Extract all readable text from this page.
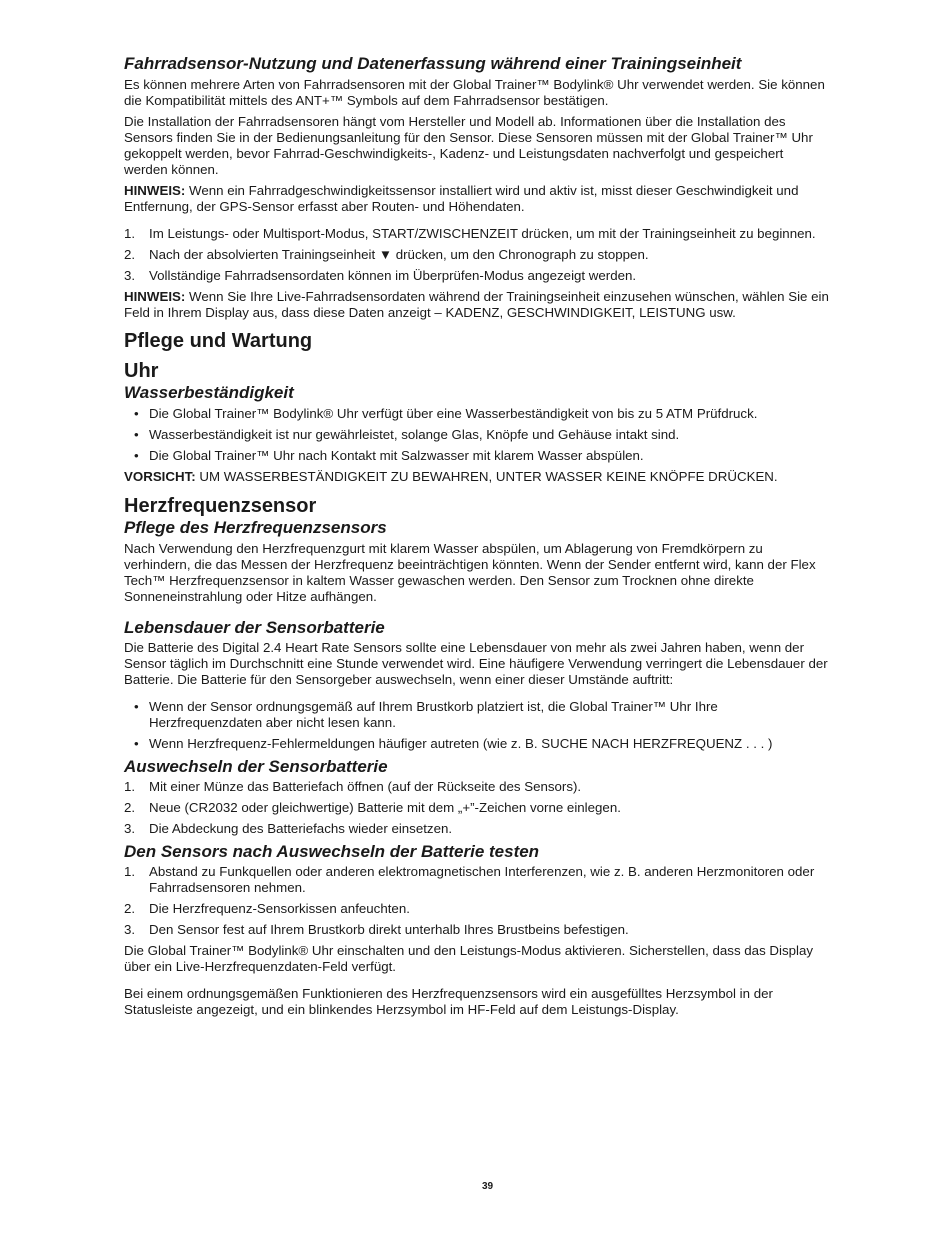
Fahrradsensor-Nutzung und Datenerfassung während einer Trainingseinheit

Es können mehrere Arten von Fahrradsensoren mit der Global Trainer™ Bodylink® Uhr verwendet werden. Sie können die Kompatibilität mittels des ANT+™ Symbols auf dem Fahrradsensor bestätigen.

Die Installation der Fahrradsensoren hängt vom Hersteller und Modell ab. Informationen über die Installation des Sensors finden Sie in der Bedienungsanleitung für den Sensor. Diese Sensoren müssen mit der Global Trainer™ Uhr gekoppelt werden, bevor Fahrrad-Geschwindigkeits-, Kadenz- und Leistungsdaten nachverfolgt und gespeichert werden können.

HINWEIS: Wenn ein Fahrradgeschwindigkeitssensor installiert wird und aktiv ist, misst dieser Geschwindigkeit und Entfernung, der GPS-Sensor erfasst aber Routen- und Höhendaten.

1. Im Leistungs- oder Multisport-Modus, START/ZWISCHENZEIT drücken, um mit der Trainingseinheit zu beginnen.
2. Nach der absolvierten Trainingseinheit ▼ drücken, um den Chronograph zu stoppen.
3. Vollständige Fahrradsensordaten können im Überprüfen-Modus angezeigt werden.

HINWEIS: Wenn Sie Ihre Live-Fahrradsensordaten während der Trainingseinheit einzusehen wünschen, wählen Sie ein Feld in Ihrem Display aus, dass diese Daten anzeigt – KADENZ, GESCHWINDIGKEIT, LEISTUNG usw.

Pflege und Wartung
Uhr
Wasserbeständigkeit
• Die Global Trainer™ Bodylink® Uhr verfügt über eine Wasserbeständigkeit von bis zu 5 ATM Prüfdruck.
• Wasserbeständigkeit ist nur gewährleistet, solange Glas, Knöpfe und Gehäuse intakt sind.
• Die Global Trainer™ Uhr nach Kontakt mit Salzwasser mit klarem Wasser abspülen.

VORSICHT: UM WASSERBESTÄNDIGKEIT ZU BEWAHREN, UNTER WASSER KEINE KNÖPFE DRÜCKEN.

Herzfrequenzsensor
Pflege des Herzfrequenzsensors

Nach Verwendung den Herzfrequenzgurt mit klarem Wasser abspülen, um Ablagerung von Fremdkörpern zu verhindern, die das Messen der Herzfrequenz beeinträchtigen könnten. Wenn der Sender entfernt wird, kann der Flex Tech™ Herzfrequenzsensor in kaltem Wasser gewaschen werden. Den Sensor zum Trocknen ohne direkte Sonneneinstrahlung oder Hitze aufhängen.

Lebensdauer der Sensorbatterie

Die Batterie des Digital 2.4 Heart Rate Sensors sollte eine Lebensdauer von mehr als zwei Jahren haben, wenn der Sensor täglich im Durchschnitt eine Stunde verwendet wird. Eine häufigere Verwendung verringert die Lebensdauer der Batterie. Die Batterie für den Sensorgeber auswechseln, wenn einer dieser Umstände auftritt:

• Wenn der Sensor ordnungsgemäß auf Ihrem Brustkorb platziert ist, die Global Trainer™ Uhr Ihre Herzfrequenzdaten aber nicht lesen kann.
• Wenn Herzfrequenz-Fehlermeldungen häufiger autreten (wie z. B. SUCHE NACH HERZFREQUENZ . . . )
Auswechseln der Sensorbatterie
1. Mit einer Münze das Batteriefach öffnen (auf der Rückseite des Sensors).
2. Neue (CR2032 oder gleichwertige) Batterie mit dem „+”-Zeichen vorne einlegen.
3. Die Abdeckung des Batteriefachs wieder einsetzen.
Den Sensors nach Auswechseln der Batterie testen
1. Abstand zu Funkquellen oder anderen elektromagnetischen Interferenzen, wie z. B. anderen Herzmonitoren oder Fahrradsensoren nehmen.
2. Die Herzfrequenz-Sensorkissen anfeuchten.
3. Den Sensor fest auf Ihrem Brustkorb direkt unterhalb Ihres Brustbeins befestigen.

Die Global Trainer™ Bodylink® Uhr einschalten und den Leistungs-Modus aktivieren. Sicherstellen, dass das Display über ein Live-Herzfrequenzdaten-Feld verfügt.

Bei einem ordnungsgemäßen Funktionieren des Herzfrequenzsensors wird ein ausgefülltes Herzsymbol in der Statusleiste angezeigt, und ein blinkendes Herzsymbol im HF-Feld auf dem Leistungs-Display.

39
